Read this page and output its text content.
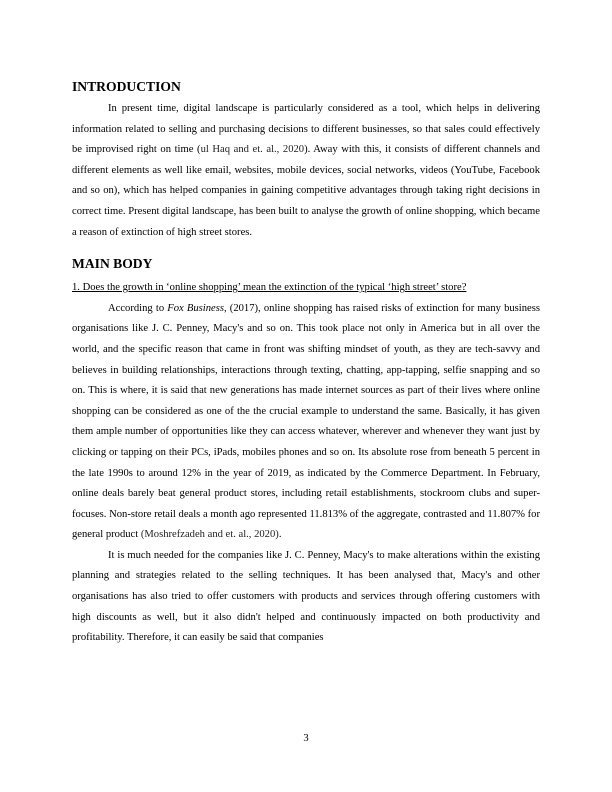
INTRODUCTION

In present time, digital landscape is particularly considered as a tool, which helps in delivering information related to selling and purchasing decisions to different businesses, so that sales could effectively be improvised right on time (ul Haq and et. al., 2020). Away with this, it consists of different channels and different elements as well like email, websites, mobile devices, social networks, videos (YouTube, Facebook and so on), which has helped companies in gaining competitive advantages through taking right decisions in correct time. Present digital landscape, has been built to analyse the growth of online shopping, which became a reason of extinction of high street stores.

MAIN BODY

1. Does the growth in ‘online shopping’ mean the extinction of the typical ‘high street’ store?

According to Fox Business, (2017), online shopping has raised risks of extinction for many business organisations like J. C. Penney, Macy's and so on. This took place not only in America but in all over the world, and the specific reason that came in front was shifting mindset of youth, as they are tech-savvy and believes in building relationships, interactions through texting, chatting, app-tapping, selfie snapping and so on. This is where, it is said that new generations has made internet sources as part of their lives where online shopping can be considered as one of the the crucial example to understand the same. Basically, it has given them ample number of opportunities like they can access whatever, wherever and whenever they want just by clicking or tapping on their PCs, iPads, mobiles phones and so on. Its absolute rose from beneath 5 percent in the late 1990s to around 12% in the year of 2019, as indicated by the Commerce Department. In February, online deals barely beat general product stores, including retail establishments, stockroom clubs and super-focuses. Non-store retail deals a month ago represented 11.813% of the aggregate, contrasted and 11.807% for general product (Moshrefzadeh and et. al., 2020).

It is much needed for the companies like J. C. Penney, Macy's to make alterations within the existing planning and strategies related to the selling techniques. It has been analysed that, Macy's and other organisations has also tried to offer customers with products and services through offering customers with high discounts as well, but it also didn't helped and continuously impacted on both productivity and profitability. Therefore, it can easily be said that companies

3
